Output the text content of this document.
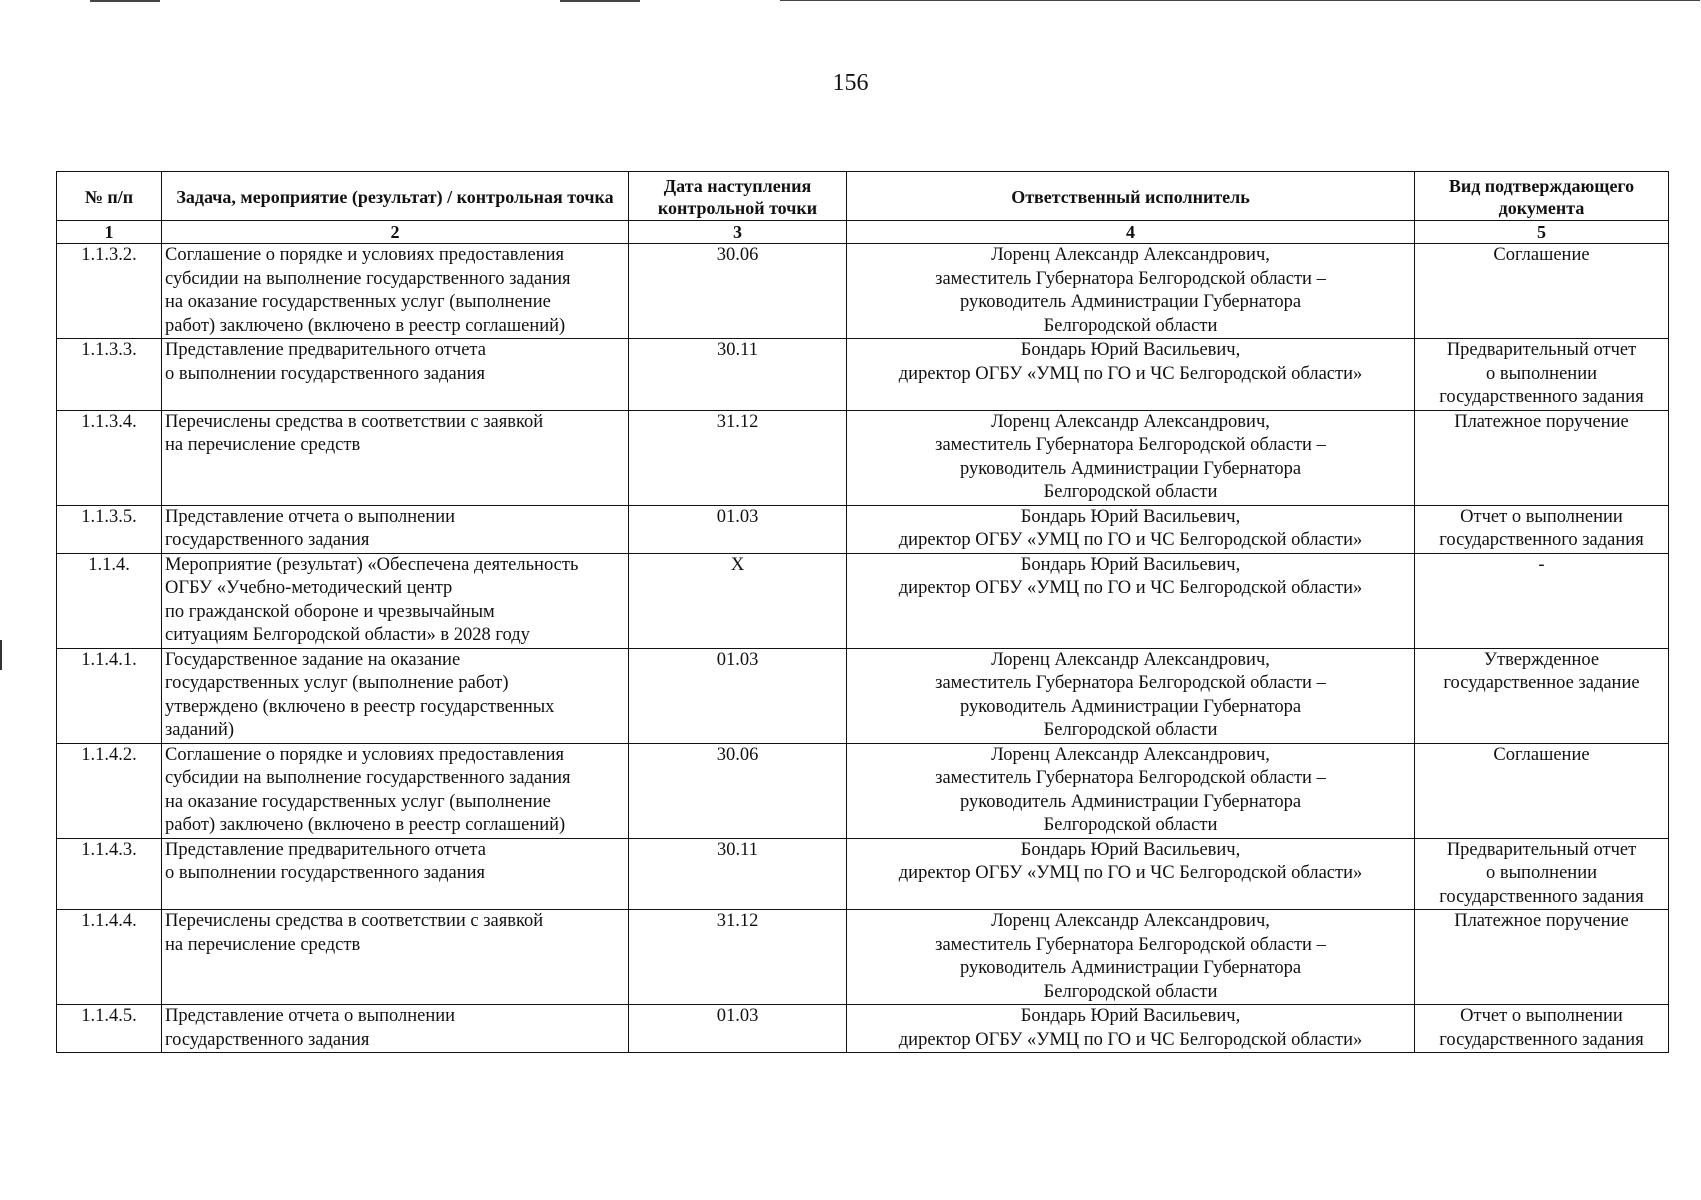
156
№ п/п	Задача, мероприятие (результат) / контрольная точка	Дата наступления контрольной точки	Ответственный исполнитель	Вид подтверждающего документа
1	2	3	4	5
1.1.3.2.	Соглашение о порядке и условиях предоставления
субсидии на выполнение государственного задания
на оказание государственных услуг (выполнение
работ) заключено (включено в реестр соглашений)	30.06	Лоренц Александр Александрович,
заместитель Губернатора Белгородской области –
руководитель Администрации Губернатора
Белгородской области	Соглашение

1.1.3.3.	Представление предварительного отчета
о выполнении государственного задания	30.11	Бондарь Юрий Васильевич,
директор ОГБУ «УМЦ по ГО и ЧС Белгородской области»	Предварительный отчет
о выполнении
государственного задания

1.1.3.4.	Перечислены средства в соответствии с заявкой
на перечисление средств	31.12	Лоренц Александр Александрович,
заместитель Губернатора Белгородской области –
руководитель Администрации Губернатора
Белгородской области	Платежное поручение

1.1.3.5.	Представление отчета о выполнении
государственного задания	01.03	Бондарь Юрий Васильевич,
директор ОГБУ «УМЦ по ГО и ЧС Белгородской области»	Отчет о выполнении
государственного задания

1.1.4.	Мероприятие (результат) «Обеспечена деятельность
ОГБУ «Учебно-методический центр
по гражданской обороне и чрезвычайным
ситуациям Белгородской области» в 2028 году	X	Бондарь Юрий Васильевич,
директор ОГБУ «УМЦ по ГО и ЧС Белгородской области»	-

1.1.4.1.	Государственное задание на оказание
государственных услуг (выполнение работ)
утверждено (включено в реестр государственных
заданий)	01.03	Лоренц Александр Александрович,
заместитель Губернатора Белгородской области –
руководитель Администрации Губернатора
Белгородской области	Утвержденное
государственное задание

1.1.4.2.	Соглашение о порядке и условиях предоставления
субсидии на выполнение государственного задания
на оказание государственных услуг (выполнение
работ) заключено (включено в реестр соглашений)	30.06	Лоренц Александр Александрович,
заместитель Губернатора Белгородской области –
руководитель Администрации Губернатора
Белгородской области	Соглашение

1.1.4.3.	Представление предварительного отчета
о выполнении государственного задания	30.11	Бондарь Юрий Васильевич,
директор ОГБУ «УМЦ по ГО и ЧС Белгородской области»	Предварительный отчет
о выполнении
государственного задания

1.1.4.4.	Перечислены средства в соответствии с заявкой
на перечисление средств	31.12	Лоренц Александр Александрович,
заместитель Губернатора Белгородской области –
руководитель Администрации Губернатора
Белгородской области	Платежное поручение

1.1.4.5.	Представление отчета о выполнении
государственного задания	01.03	Бондарь Юрий Васильевич,
директор ОГБУ «УМЦ по ГО и ЧС Белгородской области»	Отчет о выполнении
государственного задания
